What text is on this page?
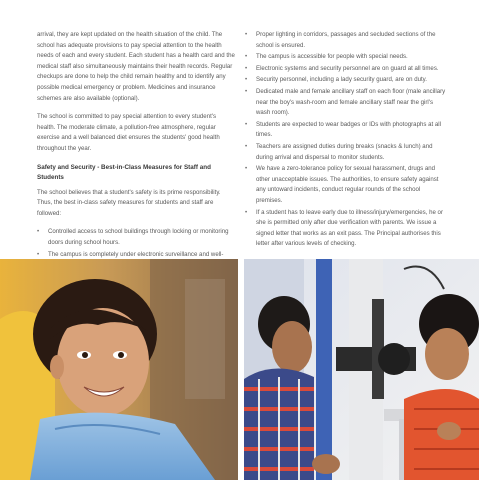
arrival, they are kept updated on the health situation of the child. The school has adequate provisions to pay special attention to the health needs of each and every student. Each student has a health card and the medical staff also simultaneously maintains their health records. Regular checkups are done to help the child remain healthy and to identify any possible medical emergency or problem. Medicines and insurance schemes are also available (optional).

The school is committed to pay special attention to every student's health. The moderate climate, a pollution-free atmosphere, regular exercise and a well balanced diet ensures the students' good health throughout the year.

Safety and Security - Best-in-Class Measures for Staff and Students

The school believes that a student's safety is its prime responsibility. Thus, the best in-class safety measures for students and staff are followed:

• Controlled access to school buildings through locking or monitoring doors during school hours.
• The campus is completely under electronic surveillance and well-
•
• Proper lighting in corridors, passages and secluded sections of the school is ensured.
• The campus is accessible for people with special needs.
• Electronic systems and security personnel are on guard at all times.
• Security personnel, including a lady security guard, are on duty.
• Dedicated male and female ancillary staff on each floor (male ancillary near the boy's wash-room and female ancillary staff near the girl's wash room).
• Students are expected to wear badges or IDs with photographs at all times.
• Teachers are assigned duties during breaks (snacks & lunch) and during arrival and dispersal to monitor students.
• We have a zero-tolerance policy for sexual harassment, drugs and other unacceptable issues. The authorities, to ensure safety against any untoward incidents, conduct regular rounds of the school premises.
• If a student has to leave early due to illness/injury/emergencies, he or she is permitted only after due verification with parents. We issue a signed letter that works as an exit pass. The Principal authorises this letter after various levels of checking.
